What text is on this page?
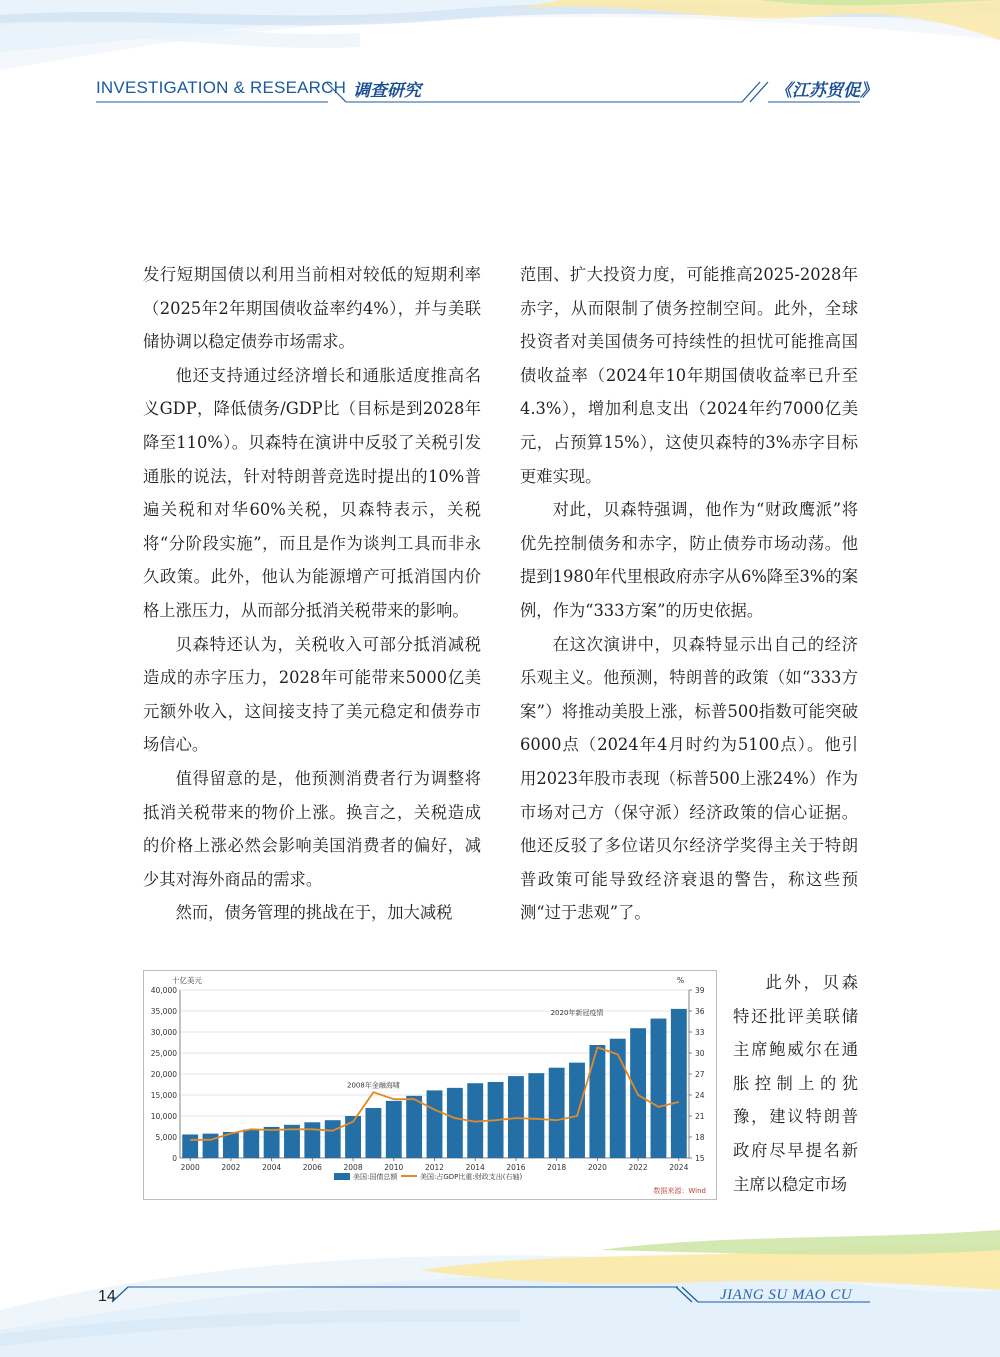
INVESTIGATION & RESEARCH 调查研究	《江苏贸促》

发行短期国债以利用当前相对较低的短期利率（2025年2年期国债收益率约4%），并与美联储协调以稳定债券市场需求。

他还支持通过经济增长和通胀适度推高名义GDP，降低债务/GDP比（目标是到2028年降至110%）。贝森特在演讲中反驳了关税引发通胀的说法，针对特朗普竞选时提出的10%普遍关税和对华60%关税，贝森特表示，关税将“分阶段实施”，而且是作为谈判工具而非永久政策。此外，他认为能源增产可抵消国内价格上涨压力，从而部分抵消关税带来的影响。

贝森特还认为，关税收入可部分抵消减税造成的赤字压力，2028年可能带来5000亿美元额外收入，这间接支持了美元稳定和债券市场信心。

值得留意的是，他预测消费者行为调整将抵消关税带来的物价上涨。换言之，关税造成的价格上涨必然会影响美国消费者的偏好，减少其对海外商品的需求。

然而，债务管理的挑战在于，加大减税

范围、扩大投资力度，可能推高2025-2028年赤字，从而限制了债务控制空间。此外，全球投资者对美国债务可持续性的担忧可能推高国债收益率（2024年10年期国债收益率已升至4.3%），增加利息支出（2024年约7000亿美元，占预算15%），这使贝森特的3%赤字目标更难实现。

对此，贝森特强调，他作为“财政鹰派”将优先控制债务和赤字，防止债券市场动荡。他提到1980年代里根政府赤字从6%降至3%的案例，作为“333方案”的历史依据。

在这次演讲中，贝森特显示出自己的经济乐观主义。他预测，特朗普的政策（如“333方案”）将推动美股上涨，标普500指数可能突破6000点（2024年4月时约为5100点）。他引用2023年股市表现（标普500上涨24%）作为市场对己方（保守派）经济政策的信心证据。他还反驳了多位诺贝尔经济学奖得主关于特朗普政策可能导致经济衰退的警告，称这些预测“过于悲观”了。

此外，贝森特还批评美联储主席鲍威尔在通胀控制上的犹豫，建议特朗普政府尽早提名新主席以稳定市场

0
5,000
10,000
15,000
20,000
25,000
30,000
35,000
40,000
15
18
21
24
27
30
33
36
39
十亿美元	%
2000	2002	2004	2006	2008	2010	2012	2014	2016	2018	2020	2022	2024
2008年金融海啸
2020年新冠疫情
美国:国债总额	美国:占GDP比重:财政支出(右轴)
数据来源：Wind
14	JIANG SU MAO CU
